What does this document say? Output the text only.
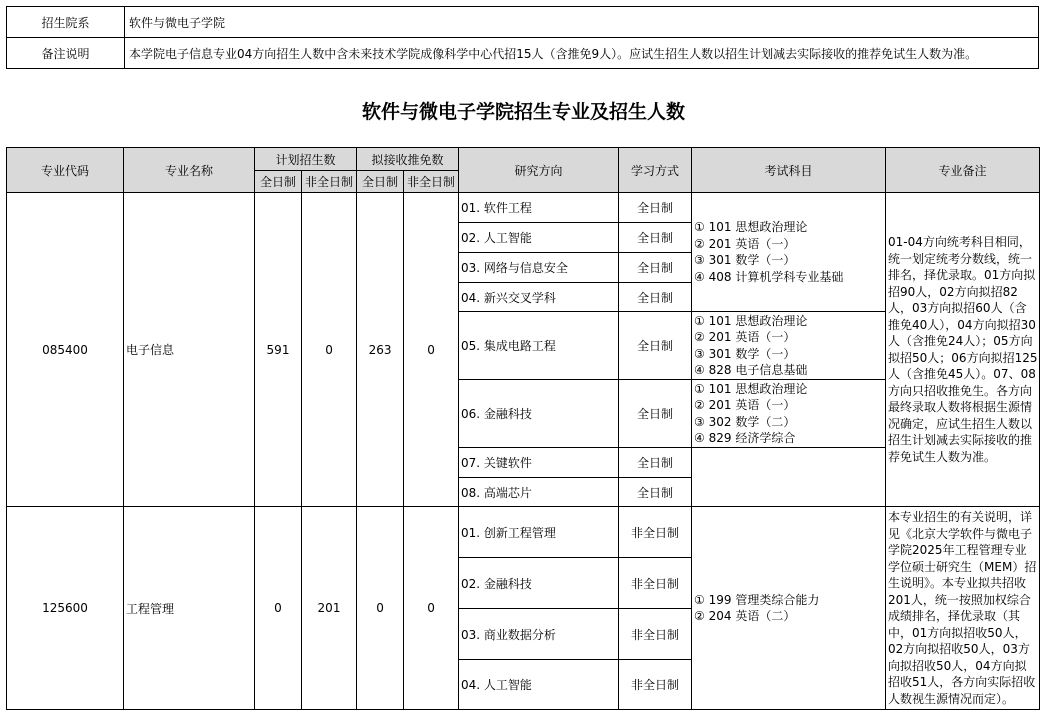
招生院系	软件与微电子学院
备注说明	本学院电子信息专业04方向招生人数中含未来技术学院成像科学中心代招15人（含推免9人）。应试生招生人数以招生计划减去实际接收的推荐免试生人数为准。
软件与微电子学院招生专业及招生人数
专业代码	专业名称	计划招生数		拟接收推免数		研究方向	学习方式	考试科目	专业备注
		全日制	非全日制	全日制	非全日制				
085400	电子信息	591	0	263	0	01. 软件工程	全日制	① 101 思想政治理论
② 201 英语（一）
③ 301 数学（一）
④ 408 计算机学科专业基础	01-04方向统考科目相同，统一划定统考分数线，统一排名，择优录取。01方向拟招90人，02方向拟招82人，03方向拟招60人（含推免40人），04方向拟招30人（含推免24人）；05方向拟招50人；06方向拟招125人（含推免45人）。07、08方向只招收推免生。各方向最终录取人数将根据生源情况确定，应试生招生人数以招生计划减去实际接收的推荐免试生人数为准。
						02. 人工智能	全日制		
						03. 网络与信息安全	全日制		
						04. 新兴交叉学科	全日制		
						05. 集成电路工程	全日制	① 101 思想政治理论
② 201 英语（一）
③ 301 数学（一）
④ 828 电子信息基础	

						06. 金融科技	全日制	① 101 思想政治理论
② 201 英语（一）
③ 302 数学（二）
④ 829 经济学综合	

						07. 关键软件	全日制		
						08. 高端芯片	全日制		
125600	工程管理	0	201	0	0	01. 创新工程管理	非全日制	① 199 管理类综合能力
② 204 英语（二）	本专业招生的有关说明，详见《北京大学软件与微电子学院2025年工程管理专业学位硕士研究生（MEM）招生说明》。本专业拟共招收201人，统一按照加权综合成绩排名，择优录取（其中，01方向拟招收50人，02方向拟招收50人，03方向拟招收50人，04方向拟招收51人，各方向实际招收人数视生源情况而定）。
						02. 金融科技	非全日制		
						03. 商业数据分析	非全日制		
						04. 人工智能	非全日制		
